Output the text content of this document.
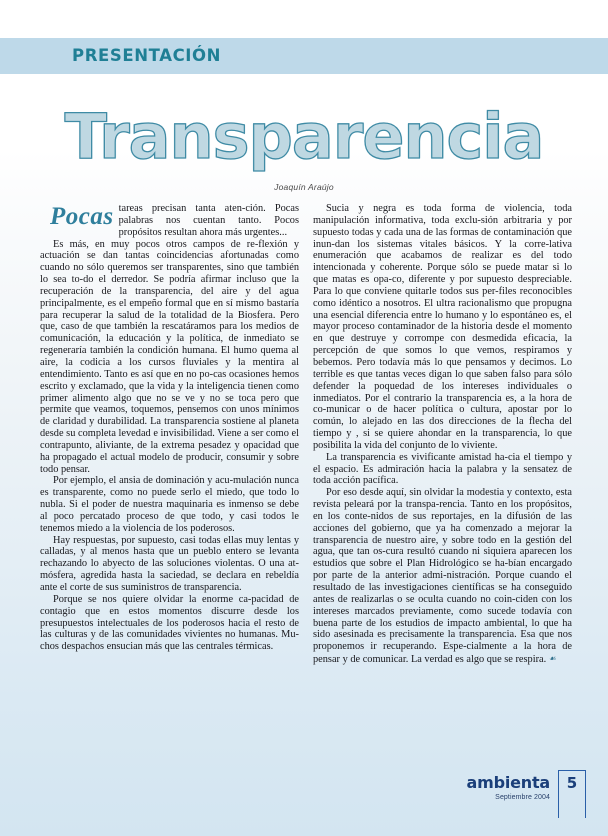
PRESENTACIÓN
Transparencia
Joaquín Araújo

Pocas tareas precisan tanta aten-ción. Pocas palabras nos cuentan tanto. Pocos propósitos resultan ahora más urgentes...

Es más, en muy pocos otros campos de re-flexión y actuación se dan tantas coincidencias afortunadas como cuando no sólo queremos ser transparentes, sino que también lo sea to-do el derredor. Se podría afirmar incluso que la recuperación de la transparencia, del aire y del agua principalmente, es el empeño formal que en sí mismo bastaría para recuperar la salud de la totalidad de la Biosfera. Pero que, caso de que también la rescatáramos para los medios de comunicación, la educación y la política, de inmediato se regeneraría también la condición humana. El humo quema al aire, la codicia a los cursos fluviales y la mentira al entendimiento. Tanto es así que en no po-cas ocasiones hemos escrito y exclamado, que la vida y la inteligencia tienen como primer alimento algo que no se ve y no se toca pero que permite que veamos, toquemos, pensemos con unos mínimos de claridad y durabilidad. La transparencia sostiene al planeta desde su completa levedad e invisibilidad. Viene a ser como el contrapunto, aliviante, de la extrema pesadez y opacidad que ha propagado el actual modelo de producir, consumir y sobre todo pensar.

Por ejemplo, el ansia de dominación y acu-mulación nunca es transparente, como no puede serlo el miedo, que todo lo nubla. Si el poder de nuestra maquinaria es inmenso se debe al poco percatado proceso de que todo, y casi todos le tenemos miedo a la violencia de los poderosos.

Hay respuestas, por supuesto, casi todas ellas muy lentas y calladas, y al menos hasta que un pueblo entero se levanta rechazando lo abyecto de las soluciones violentas. O una at-mósfera, agredida hasta la saciedad, se declara en rebeldía ante el corte de sus suministros de transparencia.

Porque se nos quiere olvidar la enorme ca-pacidad de contagio que en estos momentos discurre desde los presupuestos intelectuales de los poderosos hacia el resto de las culturas y de las comunidades vivientes no humanas. Mu-chos despachos ensucian más que las centrales térmicas.

Sucia y negra es toda forma de violencia, toda manipulación informativa, toda exclu-sión arbitraria y por supuesto todas y cada una de las formas de contaminación que inun-dan los sistemas vitales básicos. Y la corre-lativa enumeración que acabamos de realizar es del todo intencionada y coherente. Porque sólo se puede matar si lo que matas es opa-co, diferente y por supuesto despreciable. Para lo que conviene quitarle todos sus per-files reconocibles como idéntico a nosotros. El ultra racionalismo que propugna una esencial diferencia entre lo humano y lo espontáneo es, el mayor proceso contaminador de la historia desde el momento en que destruye y corrompe con desmedida eficacia, la percepción de que somos lo que vemos, respiramos y bebemos. Pero todavía más lo que pensamos y decimos. Lo terrible es que tantas veces digan lo que saben falso para sólo defender la poquedad de los intereses individuales o inmediatos. Por el contrario la transparencia es, a la hora de co-municar o de hacer política o cultura, apostar por lo común, lo alejado en las dos direcciones de la flecha del tiempo y , si se quiere ahondar en la transparencia, lo que posibilita la vida del conjunto de lo viviente.

La transparencia es vivificante amistad ha-cia el tiempo y el espacio. Es admiración hacia la palabra y la sensatez de toda acción pacífica.

Por eso desde aquí, sin olvidar la modestia y contexto, esta revista peleará por la transpa-rencia. Tanto en los propósitos, en los conte-nidos de sus reportajes, en la difusión de las acciones del gobierno, que ya ha comenzado a mejorar la transparencia de nuestro aire, y sobre todo en la gestión del agua, que tan os-cura resultó cuando ni siquiera aparecen los estudios que sobre el Plan Hidrológico se ha-bían encargado por parte de la anterior admi-nistración. Porque cuando el resultado de las investigaciones científicas se ha conseguido antes de realizarlas o se oculta cuando no coin-ciden con los intereses marcados previamente, como sucede todavía con buena parte de los estudios de impacto ambiental, lo que ha sido asesinada es precisamente la transparencia. Esa que nos proponemos ir recuperando. Espe-cialmente a la hora de pensar y de comunicar. La verdad es algo que se respira. ☙

ambienta
Septiembre 2004
5
